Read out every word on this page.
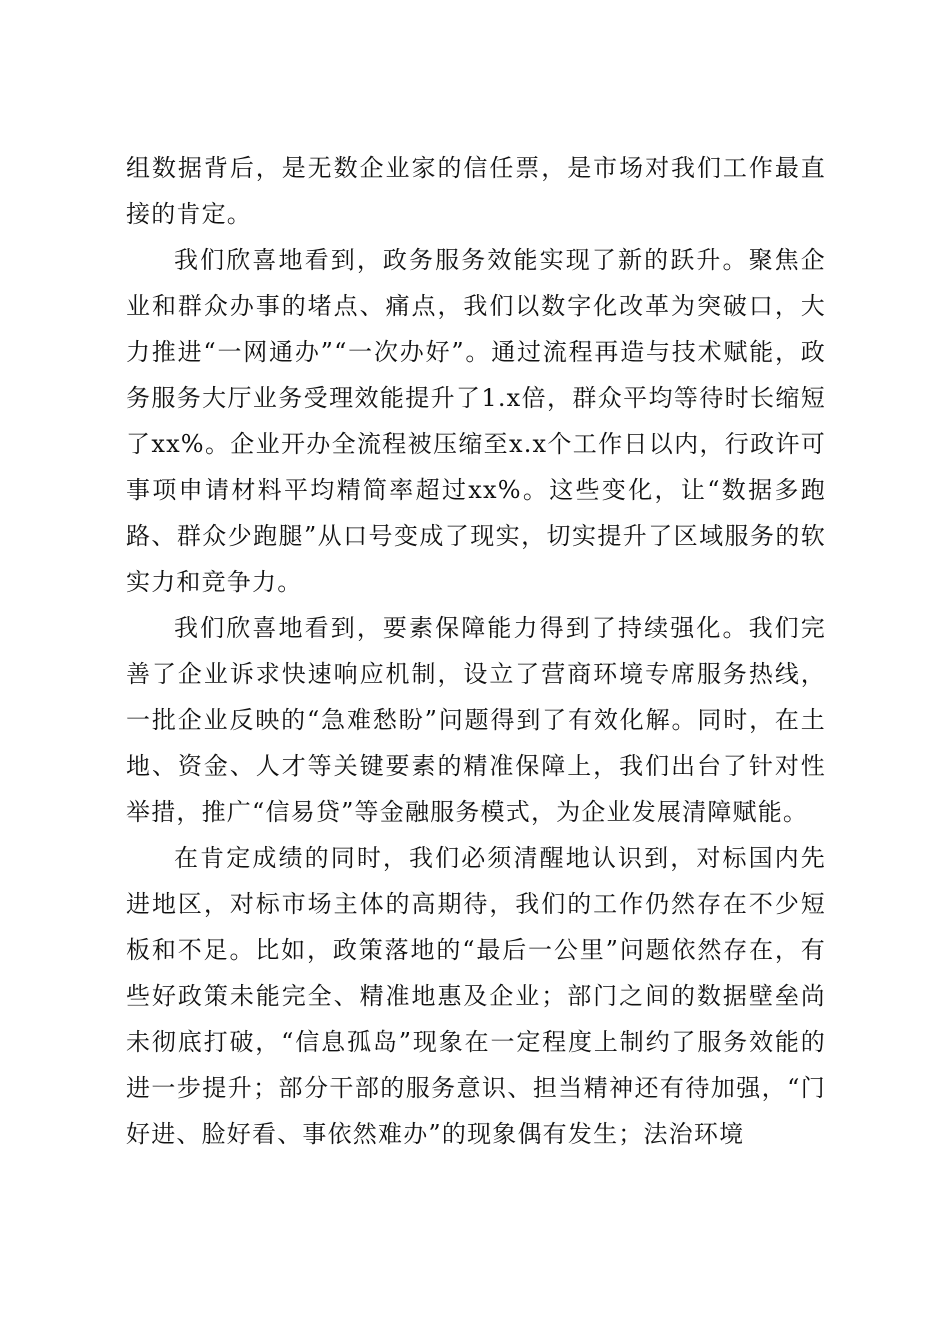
组数据背后，是无数企业家的信任票，是市场对我们工作最直接的肯定。

我们欣喜地看到，政务服务效能实现了新的跃升。聚焦企业和群众办事的堵点、痛点，我们以数字化改革为突破口，大力推进“一网通办”“一次办好”。通过流程再造与技术赋能，政务服务大厅业务受理效能提升了1.x倍，群众平均等待时长缩短了xx%。企业开办全流程被压缩至x.x个工作日以内，行政许可事项申请材料平均精简率超过xx%。这些变化，让“数据多跑路、群众少跑腿”从口号变成了现实，切实提升了区域服务的软实力和竞争力。

我们欣喜地看到，要素保障能力得到了持续强化。我们完善了企业诉求快速响应机制，设立了营商环境专席服务热线，一批企业反映的“急难愁盼”问题得到了有效化解。同时，在土地、资金、人才等关键要素的精准保障上，我们出台了针对性举措，推广“信易贷”等金融服务模式，为企业发展清障赋能。

在肯定成绩的同时，我们必须清醒地认识到，对标国内先进地区，对标市场主体的高期待，我们的工作仍然存在不少短板和不足。比如，政策落地的“最后一公里”问题依然存在，有些好政策未能完全、精准地惠及企业；部门之间的数据壁垒尚未彻底打破，“信息孤岛”现象在一定程度上制约了服务效能的进一步提升；部分干部的服务意识、担当精神还有待加强，“门好进、脸好看、事依然难办”的现象偶有发生；法治环境
